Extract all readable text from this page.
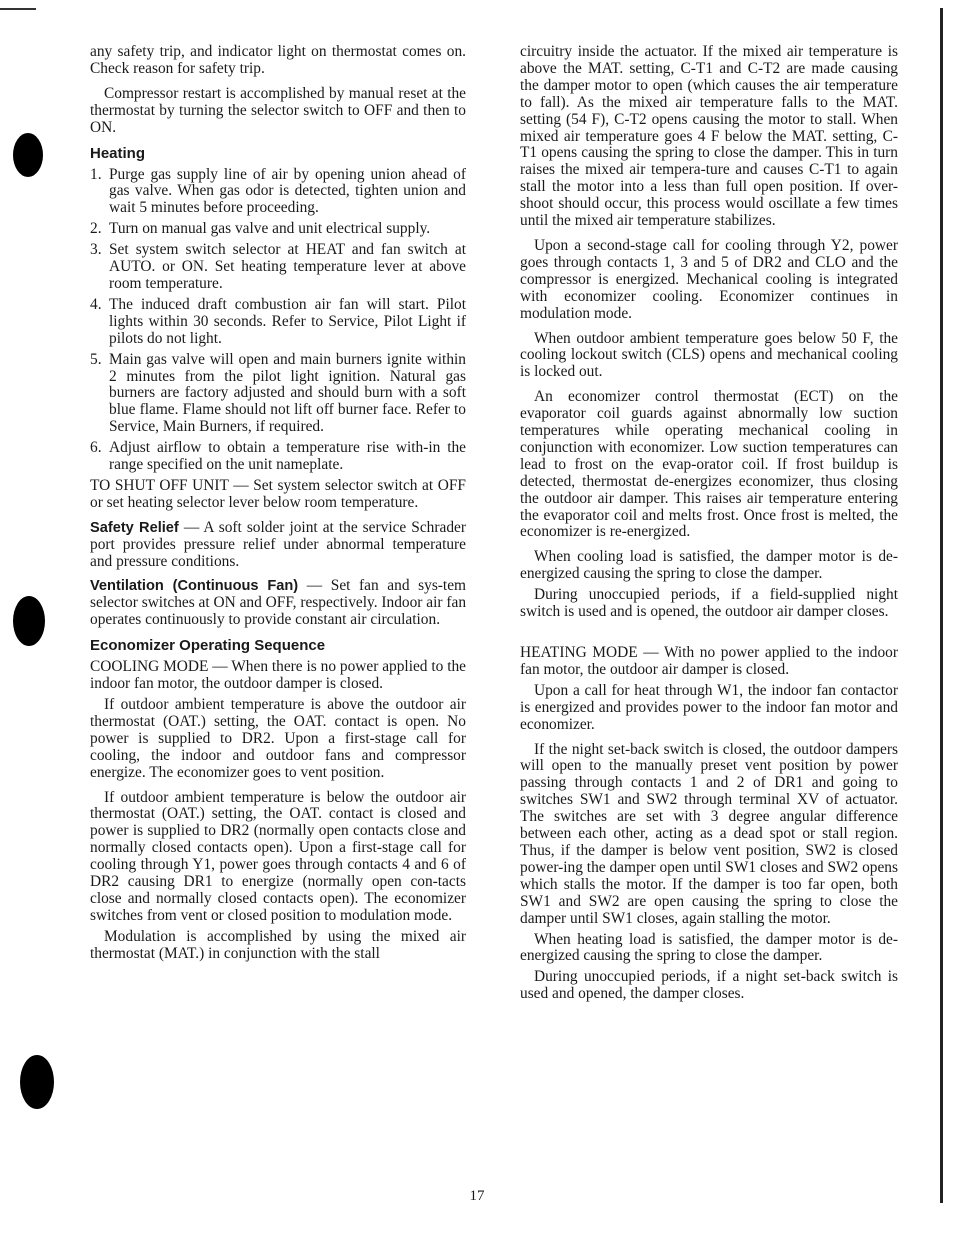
any safety trip, and indicator light on thermostat comes on. Check reason for safety trip.

Compressor restart is accomplished by manual reset at the thermostat by turning the selector switch to OFF and then to ON.

Heating
1. Purge gas supply line of air by opening union ahead of gas valve. When gas odor is detected, tighten union and wait 5 minutes before proceeding.
2. Turn on manual gas valve and unit electrical supply.
3. Set system switch selector at HEAT and fan switch at AUTO. or ON. Set heating temperature lever at above room temperature.
4. The induced draft combustion air fan will start. Pilot lights within 30 seconds. Refer to Service, Pilot Light if pilots do not light.
5. Main gas valve will open and main burners ignite within 2 minutes from the pilot light ignition. Natural gas burners are factory adjusted and should burn with a soft blue flame. Flame should not lift off burner face. Refer to Service, Main Burners, if required.
6. Adjust airflow to obtain a temperature rise with-in the range specified on the unit nameplate.

TO SHUT OFF UNIT — Set system selector switch at OFF or set heating selector lever below room temperature.

Safety Relief — A soft solder joint at the service Schrader port provides pressure relief under abnormal temperature and pressure conditions.

Ventilation (Continuous Fan) — Set fan and sys-tem selector switches at ON and OFF, respectively. Indoor air fan operates continuously to provide constant air circulation.

Economizer Operating Sequence

COOLING MODE — When there is no power applied to the indoor fan motor, the outdoor damper is closed.

If outdoor ambient temperature is above the outdoor air thermostat (OAT.) setting, the OAT. contact is open. No power is supplied to DR2. Upon a first-stage call for cooling, the indoor and outdoor fans and compressor energize. The economizer goes to vent position.

If outdoor ambient temperature is below the outdoor air thermostat (OAT.) setting, the OAT. contact is closed and power is supplied to DR2 (normally open contacts close and normally closed contacts open). Upon a first-stage call for cooling through Y1, power goes through contacts 4 and 6 of DR2 causing DR1 to energize (normally open con-tacts close and normally closed contacts open). The economizer switches from vent or closed position to modulation mode.

Modulation is accomplished by using the mixed air thermostat (MAT.) in conjunction with the stall

circuitry inside the actuator. If the mixed air temperature is above the MAT. setting, C-T1 and C-T2 are made causing the damper motor to open (which causes the air temperature to fall). As the mixed air temperature falls to the MAT. setting (54 F), C-T2 opens causing the motor to stall. When mixed air temperature goes 4 F below the MAT. setting, C-T1 opens causing the spring to close the damper. This in turn raises the mixed air tempera-ture and causes C-T1 to again stall the motor into a less than full open position. If over-shoot should occur, this process would oscillate a few times until the mixed air temperature stabilizes.

Upon a second-stage call for cooling through Y2, power goes through contacts 1, 3 and 5 of DR2 and CLO and the compressor is energized. Mechanical cooling is integrated with economizer cooling. Economizer continues in modulation mode.

When outdoor ambient temperature goes below 50 F, the cooling lockout switch (CLS) opens and mechanical cooling is locked out.

An economizer control thermostat (ECT) on the evaporator coil guards against abnormally low suction temperatures while operating mechanical cooling in conjunction with economizer. Low suction temperatures can lead to frost on the evap-orator coil. If frost buildup is detected, thermostat de-energizes economizer, thus closing the outdoor air damper. This raises air temperature entering the evaporator coil and melts frost. Once frost is melted, the economizer is re-energized.

When cooling load is satisfied, the damper motor is de-energized causing the spring to close the damper.

During unoccupied periods, if a field-supplied night switch is used and is opened, the outdoor air damper closes.

HEATING MODE — With no power applied to the indoor fan motor, the outdoor air damper is closed.

Upon a call for heat through W1, the indoor fan contactor is energized and provides power to the indoor fan motor and economizer.

If the night set-back switch is closed, the outdoor dampers will open to the manually preset vent position by power passing through contacts 1 and 2 of DR1 and going to switches SW1 and SW2 through terminal XV of actuator. The switches are set with 3 degree angular difference between each other, acting as a dead spot or stall region. Thus, if the damper is below vent position, SW2 is closed power-ing the damper open until SW1 closes and SW2 opens which stalls the motor. If the damper is too far open, both SW1 and SW2 are open causing the spring to close the damper until SW1 closes, again stalling the motor.

When heating load is satisfied, the damper motor is de-energized causing the spring to close the damper.

During unoccupied periods, if a night set-back switch is used and opened, the damper closes.

17
